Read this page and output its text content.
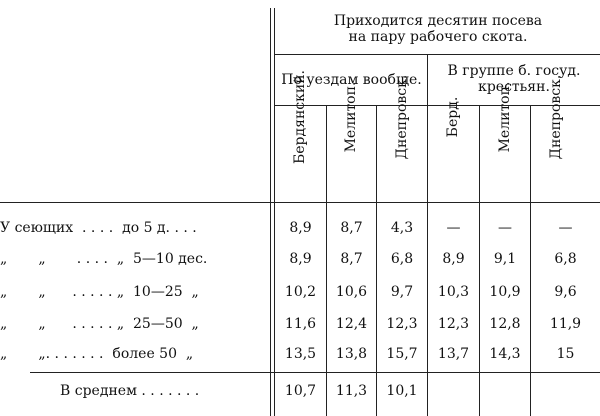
Приходится десятин посева
на пару рабочего скота.
По уездам вообще.
В группе б. госуд.
крестьян.
Бердянский.	Мелитоп.	Днепровск.	Берд.	Мелитоп.	Днепровск.
У сеющих  . . . .  до 5 д. . . .	8,9	8,7	4,3	—	—	—
„       „       . . . .  „  5—10 дес.	8,9	8,7	6,8	8,9	9,1	6,8
„       „      . . . . . „  10—25  „	10,2	10,6	9,7	10,3	10,9	9,6
„       „      . . . . . „  25—50  „	11,6	12,4	12,3	12,3	12,8	11,9
„       „. . . . . . .  более 50  „	13,5	13,8	15,7	13,7	14,3	15
В среднем . . . . . . .	10,7	11,3	10,1
